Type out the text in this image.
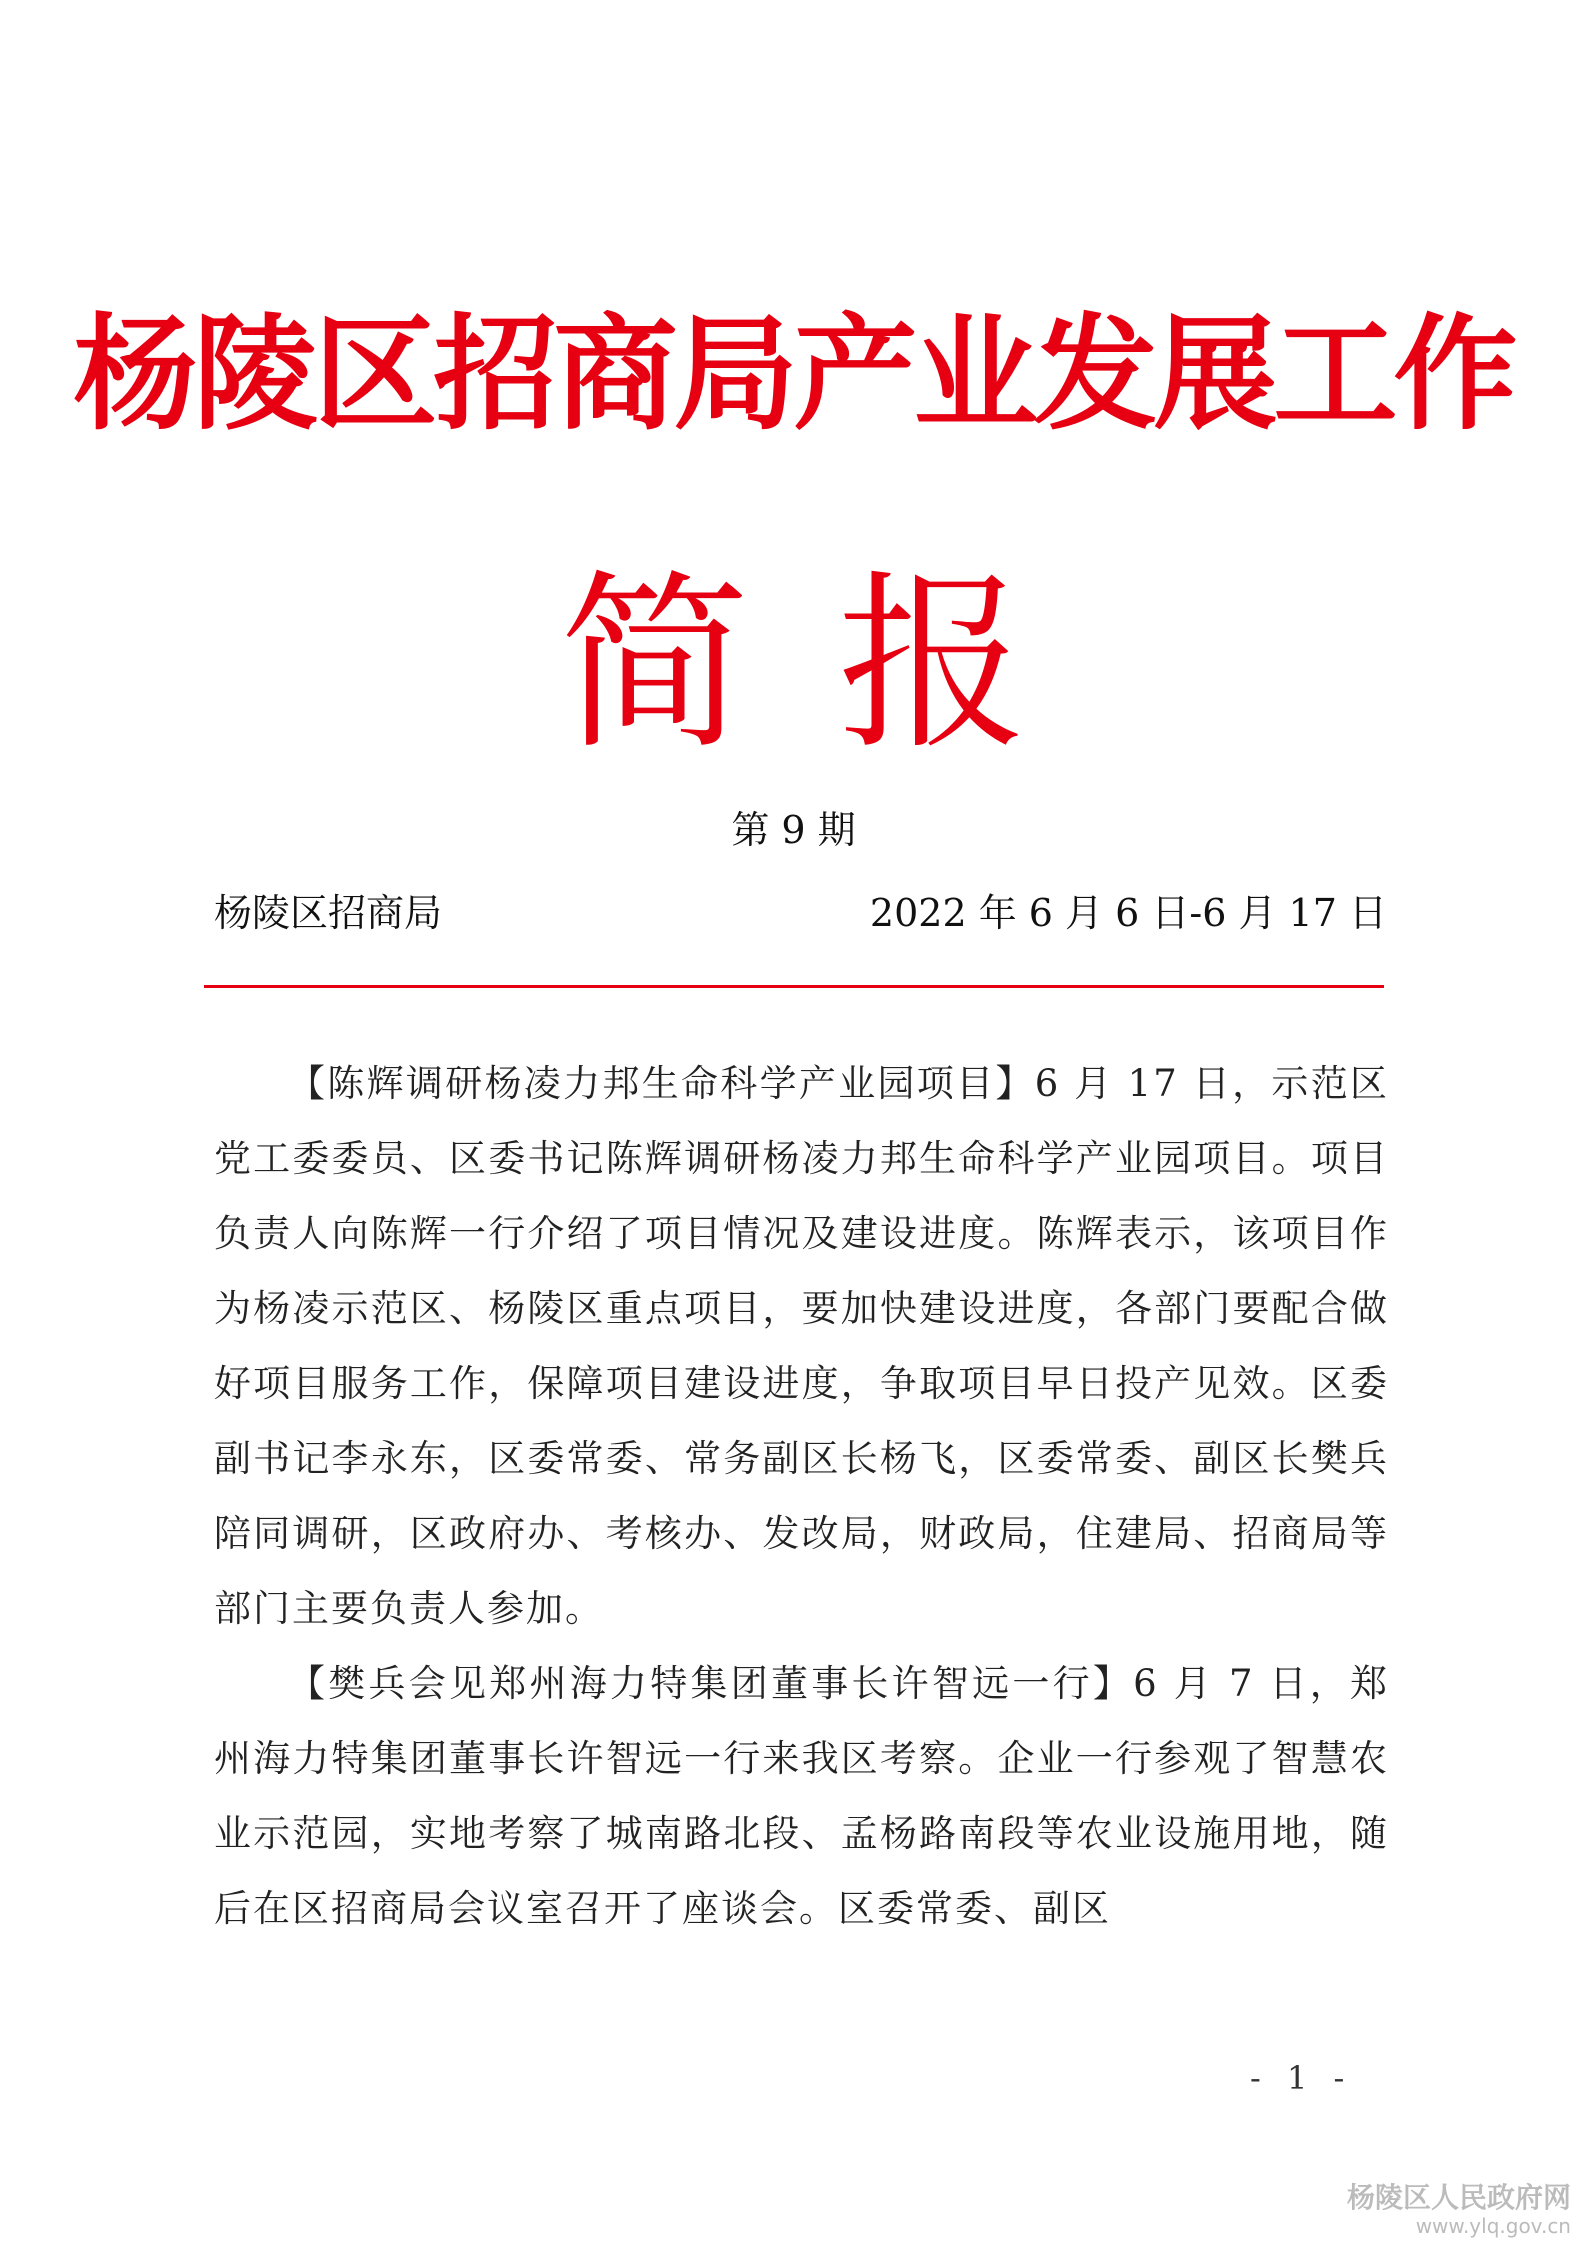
杨陵区招商局产业发展工作
简 报
第 9 期
杨陵区招商局	2022 年 6 月 6 日-6 月 17 日

【陈辉调研杨凌力邦生命科学产业园项目】6 月 17 日，示范区党工委委员、区委书记陈辉调研杨凌力邦生命科学产业园项目。项目负责人向陈辉一行介绍了项目情况及建设进度。陈辉表示，该项目作为杨凌示范区、杨陵区重点项目，要加快建设进度，各部门要配合做好项目服务工作，保障项目建设进度，争取项目早日投产见效。区委副书记李永东，区委常委、常务副区长杨飞，区委常委、副区长樊兵陪同调研，区政府办、考核办、发改局，财政局，住建局、招商局等部门主要负责人参加。

【樊兵会见郑州海力特集团董事长许智远一行】6 月 7 日，郑州海力特集团董事长许智远一行来我区考察。企业一行参观了智慧农业示范园，实地考察了城南路北段、孟杨路南段等农业设施用地，随后在区招商局会议室召开了座谈会。区委常委、副区

- 1 -
杨陵区人民政府网
www.ylq.gov.cn
